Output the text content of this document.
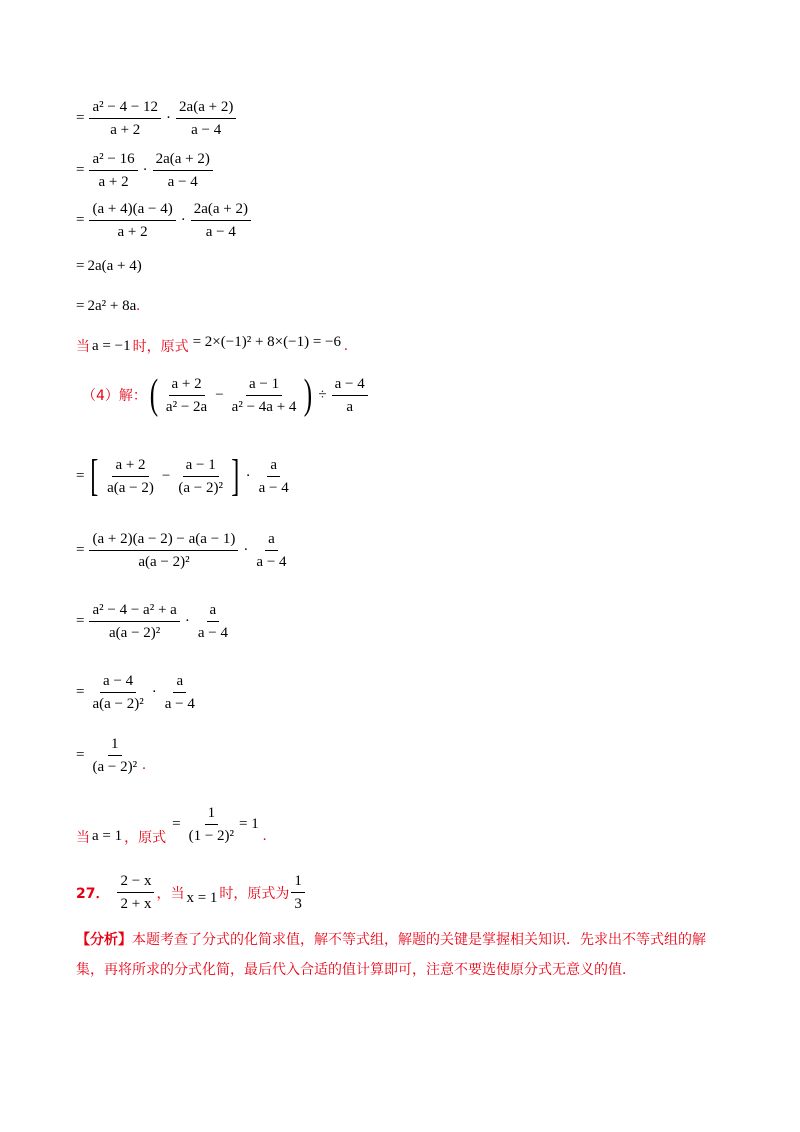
= $\frac{\text{a² − 4 − 12}}{a + 2} \cdot \frac{2a(a + 2)}{a - 4}$
= $\frac{\text{a² − 16}}{a + 2} \cdot \frac{2a(a + 2)}{a - 4}$
= $\frac{(a + 4)(a - 4)}{a + 2} \cdot \frac{2a(a + 2)}{a - 4}$
= 2a(a + 4)
= 2a² + 8a .
当 a = −1 时，原式 = 2×(−1)² + 8×(−1) = −6 .
（4）解： ( $\frac{a + 2}{\text{a² − 2a}} - \frac{a - 1}{\text{a² − 4a + 4}}$ ) ÷ $\frac{a - 4}{a}$
= [ $\frac{a + 2}{a(a - 2)} - \frac{a - 1}{\text{(a − 2)²}}$ ] · $\frac{a}{a - 4}$
= $\frac{(a + 2)(a - 2) - a(a - 1)}{\text{a(a − 2)²}} \cdot \frac{a}{a - 4}$
= $\frac{\text{a² − 4 − a² + a}}{\text{a(a − 2)²}} \cdot \frac{a}{a - 4}$
= $\frac{a - 4}{\text{a(a − 2)²}} \cdot \frac{a}{a - 4}$
= $\frac{1}{\text{(a − 2)²}}$ .
当 a = 1 ，原式
= $\frac{1}{\text{(1 − 2)²}} = 1$
.
27． $\frac{2 - x}{2 + x}$ ，当 x = 1 时，原式为 $\frac{1}{3}$
【分析】本题考查了分式的化简求值，解不等式组，解题的关键是掌握相关知识．先求出不等式组的解集，再将所求的分式化简，最后代入合适的值计算即可，注意不要选使原分式无意义的值．
